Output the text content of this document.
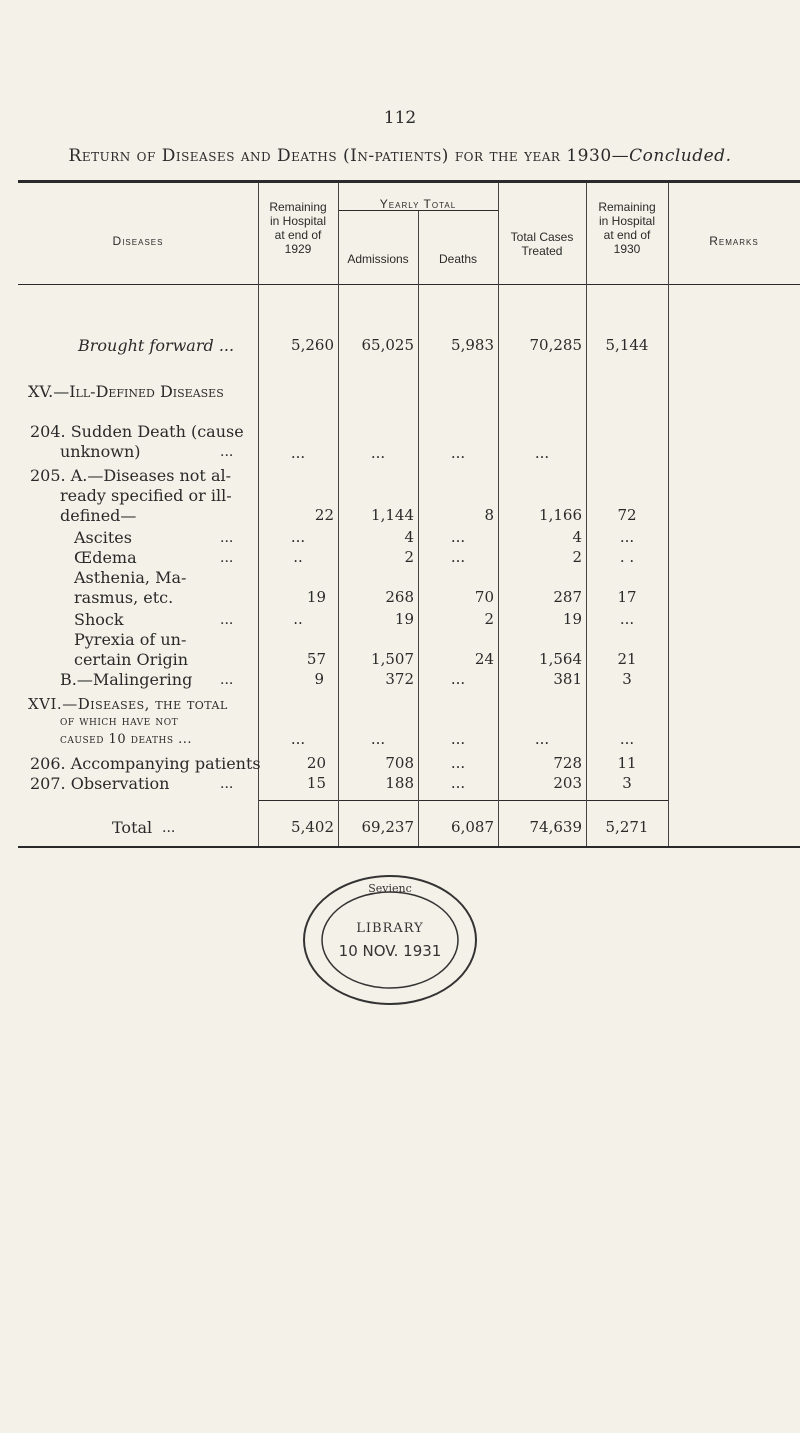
112
Return of Diseases and Deaths (In-patients) for the year 1930—Concluded.
Diseases
Remaining
in Hospital
at end of
1929
Yearly Total
Admissions	Deaths
Total Cases
Treated
Remaining
in Hospital
at end of
1930
Remarks
Brought forward ...	5,260	65,025	5,983	70,285	5,144
XV.—Ill-Defined Diseases
204. Sudden Death (cause
unknown)	...	...	...	...	...
205. A.—Diseases not al-
ready specified or ill-
defined—	22	1,144	8	1,166	72
Ascites	...	...	4	...	4	...
Œdema	...	..	2	...	2	. .
Asthenia, Ma-
rasmus, etc.	19	268	70	287	17
Shock	...	..	19	2	19	...
Pyrexia of un-
certain Origin	57	1,507	24	1,564	21
B.—Malingering ...	9	372	...	381	3
XVI.—Diseases, the total
of which have not
caused 10 deaths ...	...	...	...	...	...
206. Accompanying patients	20	708	...	728	11
207. Observation	...	15	188	...	203	3
Sevienc
LIBRARY
10 NOV. 1931
Total ...	5,402	69,237	6,087	74,639	5,271
